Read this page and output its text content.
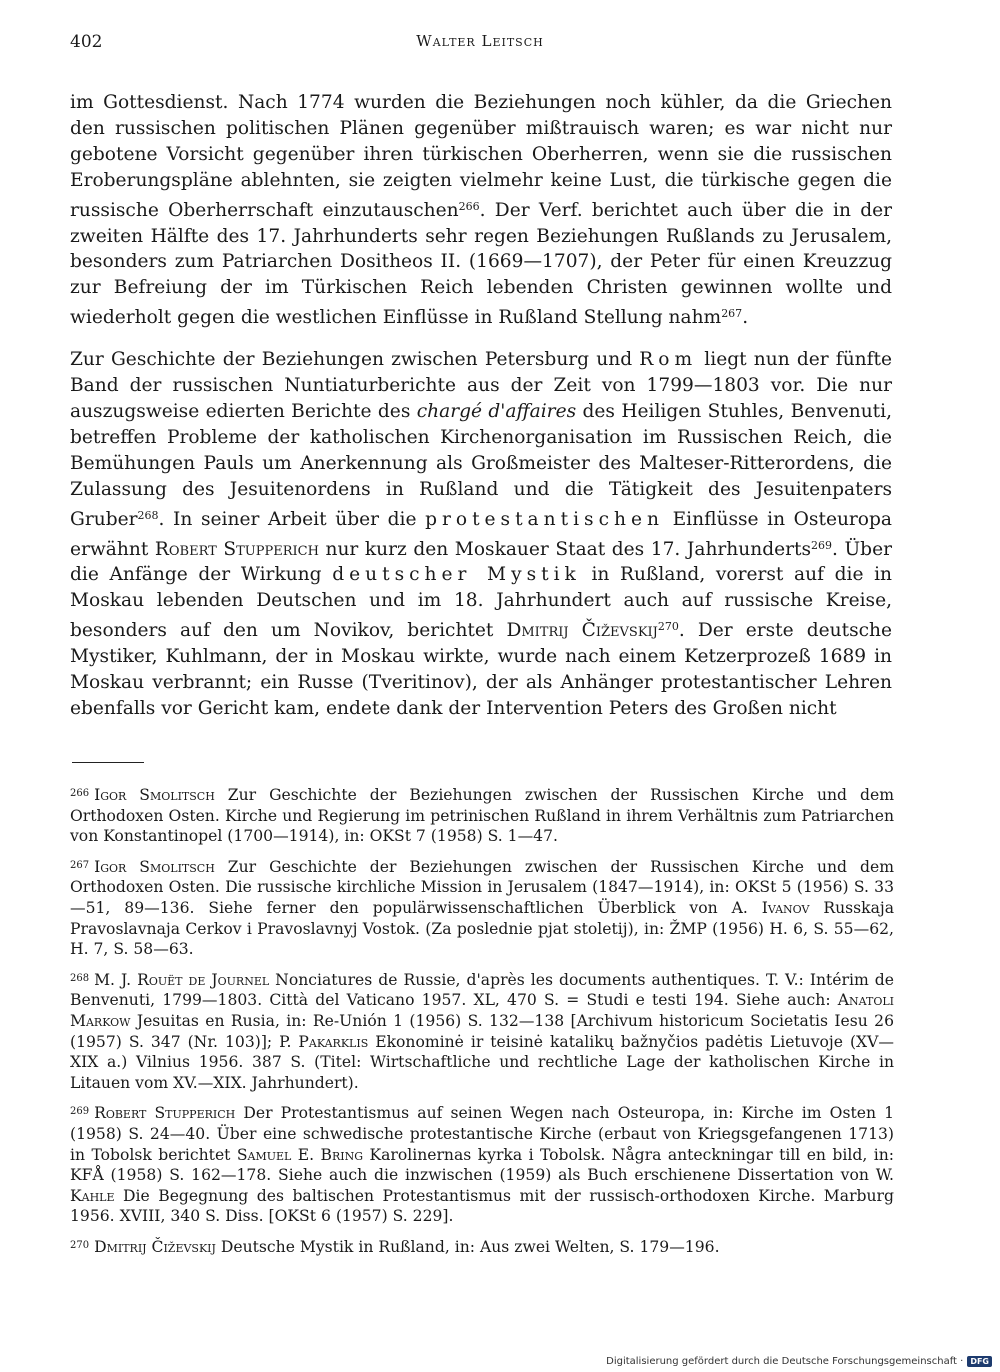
402	Walter Leitsch

im Gottesdienst. Nach 1774 wurden die Beziehungen noch kühler, da die Griechen den russischen politischen Plänen gegenüber mißtrauisch waren; es war nicht nur gebotene Vorsicht gegenüber ihren türkischen Oberherren, wenn sie die russischen Eroberungspläne ablehnten, sie zeigten vielmehr keine Lust, die türkische gegen die russische Oberherrschaft einzutauschen$^{266}$. Der Verf. berichtet auch über die in der zweiten Hälfte des 17. Jahrhunderts sehr regen Beziehungen Rußlands zu Jerusalem, besonders zum Patriarchen Dositheos II. (1669—1707), der Peter für einen Kreuzzug zur Befreiung der im Türkischen Reich lebenden Christen gewinnen wollte und wiederholt gegen die westlichen Einflüsse in Rußland Stellung nahm$^{267}$.

Zur Geschichte der Beziehungen zwischen Petersburg und Rom liegt nun der fünfte Band der russischen Nuntiaturberichte aus der Zeit von 1799—1803 vor. Die nur auszugsweise edierten Berichte des chargé d'affaires des Heiligen Stuhles, Benvenuti, betreffen Probleme der katholischen Kirchenorganisation im Russischen Reich, die Bemühungen Pauls um Anerkennung als Großmeister des Malteser-Ritterordens, die Zulassung des Jesuitenordens in Rußland und die Tätigkeit des Jesuitenpaters Gruber$^{268}$. In seiner Arbeit über die protestantischen Einflüsse in Osteuropa erwähnt Robert Stupperich nur kurz den Moskauer Staat des 17. Jahrhunderts$^{269}$. Über die Anfänge der Wirkung deutscher Mystik in Rußland, vorerst auf die in Moskau lebenden Deutschen und im 18. Jahrhundert auch auf russische Kreise, besonders auf den um Novikov, berichtet Dmitrij Čiževskij$^{270}$. Der erste deutsche Mystiker, Kuhlmann, der in Moskau wirkte, wurde nach einem Ketzerprozeß 1689 in Moskau verbrannt; ein Russe (Tveritinov), der als Anhänger protestantischer Lehren ebenfalls vor Gericht kam, endete dank der Intervention Peters des Großen nicht

$^{266}$ Igor Smolitsch Zur Geschichte der Beziehungen zwischen der Russischen Kirche und dem Orthodoxen Osten. Kirche und Regierung im petrinischen Rußland in ihrem Verhältnis zum Patriarchen von Konstantinopel (1700—1914), in: OKSt 7 (1958) S. 1—47.

$^{267}$ Igor Smolitsch Zur Geschichte der Beziehungen zwischen der Russischen Kirche und dem Orthodoxen Osten. Die russische kirchliche Mission in Jerusalem (1847—1914), in: OKSt 5 (1956) S. 33—51, 89—136. Siehe ferner den populärwissenschaftlichen Überblick von A. Ivanov Russkaja Pravoslavnaja Cerkov i Pravoslavnyj Vostok. (Za poslednie pjat stoletij), in: ŽMP (1956) H. 6, S. 55—62, H. 7, S. 58—63.

$^{268}$ M. J. Rouët de Journel Nonciatures de Russie, d'après les documents authentiques. T. V.: Intérim de Benvenuti, 1799—1803. Città del Vaticano 1957. XL, 470 S. = Studi e testi 194. Siehe auch: Anatoli Markow Jesuitas en Rusia, in: Re-Unión 1 (1956) S. 132—138 [Archivum historicum Societatis Iesu 26 (1957) S. 347 (Nr. 103)]; P. Pakarklis Ekonominė ir teisinė katalikų bažnyčios padėtis Lietuvoje (XV—XIX a.) Vilnius 1956. 387 S. (Titel: Wirtschaftliche und rechtliche Lage der katholischen Kirche in Litauen vom XV.—XIX. Jahrhundert).

$^{269}$ Robert Stupperich Der Protestantismus auf seinen Wegen nach Osteuropa, in: Kirche im Osten 1 (1958) S. 24—40. Über eine schwedische protestantische Kirche (erbaut von Kriegsgefangenen 1713) in Tobolsk berichtet Samuel E. Bring Karolinernas kyrka i Tobolsk. Några anteckningar till en bild, in: KFÅ (1958) S. 162—178. Siehe auch die inzwischen (1959) als Buch erschienene Dissertation von W. Kahle Die Begegnung des baltischen Protestantismus mit der russisch-orthodoxen Kirche. Marburg 1956. XVIII, 340 S. Diss. [OKSt 6 (1957) S. 229].

$^{270}$ Dmitrij Čiževskij Deutsche Mystik in Rußland, in: Aus zwei Welten, S. 179—196.

Digitalisierung gefördert durch die Deutsche Forschungsgemeinschaft · DFG
